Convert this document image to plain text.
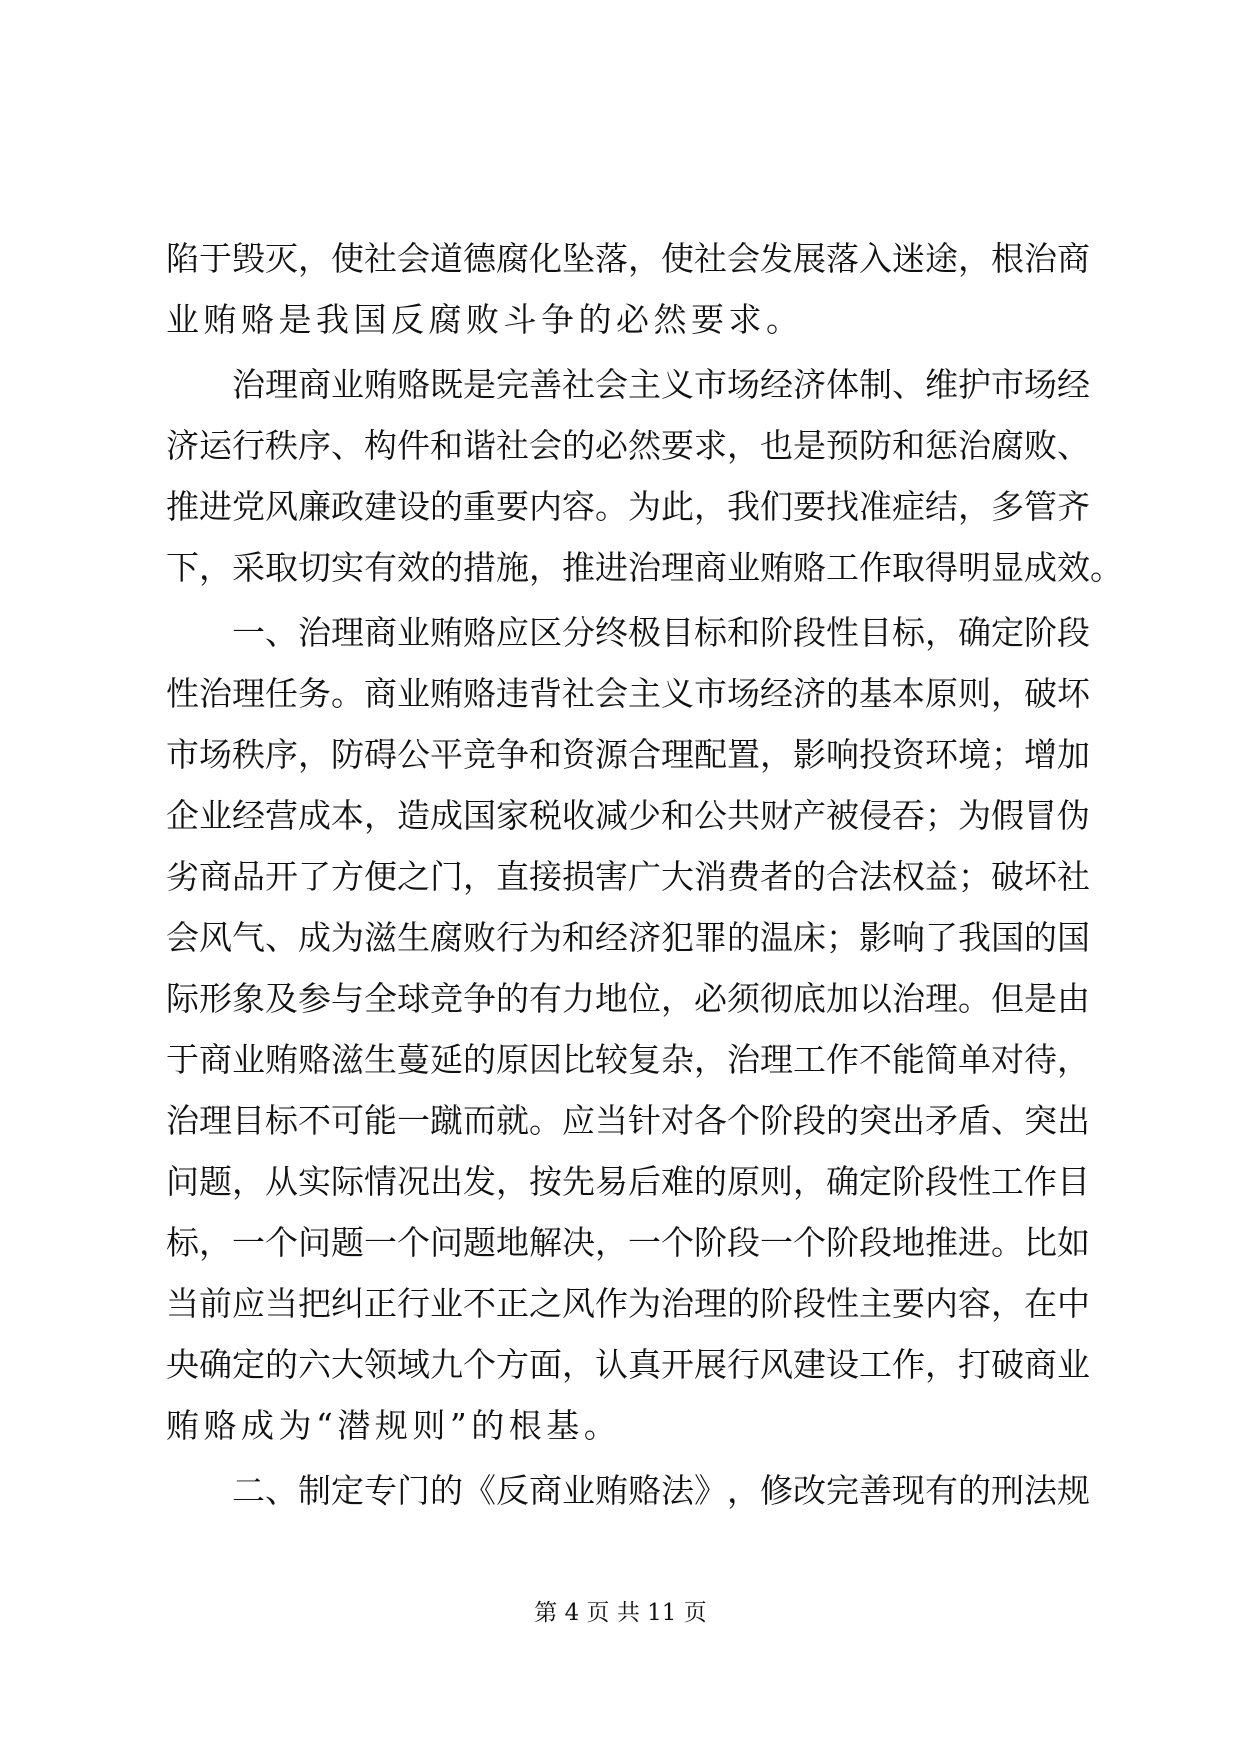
陷 于 毁 灭 ， 使 社 会 道 德 腐 化 坠 落 ， 使 社 会 发 展 落 入 迷 途 ， 根 治 商
业贿赂是我国反腐败斗争的必然要求。
治 理 商 业 贿 赂 既 是 完 善 社 会 主 义 市 场 经 济 体 制 、 维 护 市 场 经
济 运 行 秩 序 、 构 件 和 谐 社 会 的 必 然 要 求 ， 也 是 预 防 和 惩 治 腐 败 、
推 进 党 风 廉 政 建 设 的 重 要 内 容 。 为 此 ， 我 们 要 找 准 症 结 ， 多 管 齐
下 ， 采 取 切 实 有 效 的 措 施 ， 推 进 治 理 商 业 贿 赂 工 作 取 得 明 显 成 效 。
一 、 治 理 商 业 贿 赂 应 区 分 终 极 目 标 和 阶 段 性 目 标 ， 确 定 阶 段
性 治 理 任 务 。 商 业 贿 赂 违 背 社 会 主 义 市 场 经 济 的 基 本 原 则 ， 破 坏
市 场 秩 序 ， 防 碍 公 平 竞 争 和 资 源 合 理 配 置 ， 影 响 投 资 环 境 ； 增 加
企 业 经 营 成 本 ， 造 成 国 家 税 收 减 少 和 公 共 财 产 被 侵 吞 ； 为 假 冒 伪
劣 商 品 开 了 方 便 之 门 ， 直 接 损 害 广 大 消 费 者 的 合 法 权 益 ； 破 坏 社
会 风 气 、 成 为 滋 生 腐 败 行 为 和 经 济 犯 罪 的 温 床 ； 影 响 了 我 国 的 国
际 形 象 及 参 与 全 球 竞 争 的 有 力 地 位 ， 必 须 彻 底 加 以 治 理 。 但 是 由
于 商 业 贿 赂 滋 生 蔓 延 的 原 因 比 较 复 杂 ， 治 理 工 作 不 能 简 单 对 待 ，
治 理 目 标 不 可 能 一 蹴 而 就 。 应 当 针 对 各 个 阶 段 的 突 出 矛 盾 、 突 出
问 题 ， 从 实 际 情 况 出 发 ， 按 先 易 后 难 的 原 则 ， 确 定 阶 段 性 工 作 目
标 ， 一 个 问 题 一 个 问 题 地 解 决 ， 一 个 阶 段 一 个 阶 段 地 推 进 。 比 如
当 前 应 当 把 纠 正 行 业 不 正 之 风 作 为 治 理 的 阶 段 性 主 要 内 容 ， 在 中
央 确 定 的 六 大 领 域 九 个 方 面 ， 认 真 开 展 行 风 建 设 工 作 ， 打 破 商 业
贿赂成为“潜规则”的根基。
二 、 制 定 专 门 的 《 反 商 业 贿 赂 法 》 ， 修 改 完 善 现 有 的 刑 法 规
第 4 页 共 11 页
